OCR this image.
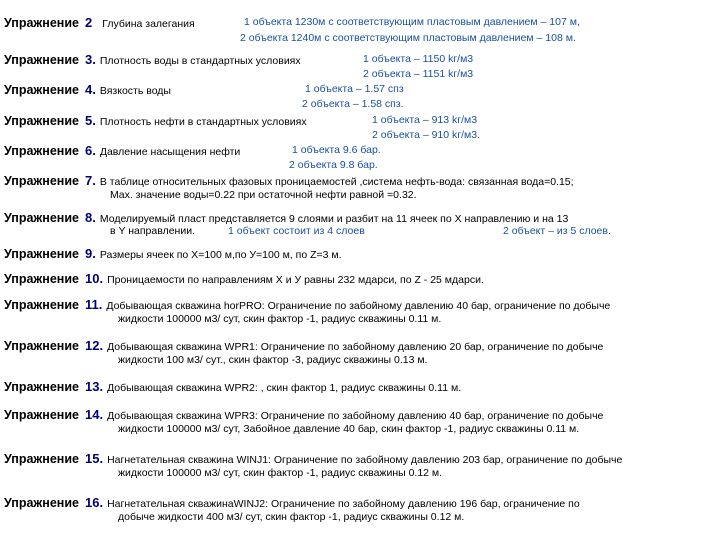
Упражнение 2 Глубина залегания	1 объекта 1230м с соответствующим пластовым давлением – 107 м,
2 объекта 1240м с соответствующим пластовым давлением – 108 м.
Упражнение 3. Плотность воды в стандартных условиях	1 объекта – 1150 kг/м3
2 объекта – 1151 kг/м3
Упражнение 4. Вязкость воды	1 объекта – 1.57 спз
2 объекта – 1.58 спз.
Упражнение 5. Плотность нефти в стандартных условиях	1 объекта – 913 kг/м3
2 объекта – 910 kг/м3.
Упражнение 6. Давление насыщения нефти	1 объекта 9.6 бар.
2 объекта 9.8 бар.
Упражнение 7. В таблице относительных фазовых проницаемостей ,система нефть-вода: связанная вода=0.15;
Max. значение воды=0.22 при остаточной нефти равной =0.32.
Упражнение 8. Моделируемый пласт представляется 9 слоями и разбит на 11 ячеек по X направлению и на 13
в Y направлении.	1 объект состоит из 4 слоев	2 объект – из 5 слоев.
Упражнение 9. Размеры ячеек по X=100 м,по У=100 м, по Z=3 м.
Упражнение 10. Проницаемости по направлениям X и У равны 232 мдарси, по Z - 25 мдарси.
Упражнение 11. Добывающая скважина horPRO: Ограничение по забойному давлению 40 бар, ограничение по добыче
жидкости 100000 м3/ сут, скин фактор -1, радиус скважины 0.11 м.
Упражнение 12. Добывающая скважина WPR1: Ограничение по забойному давлению 20 бар, ограничение по добыче
жидкости 100 м3/ сут., скин фактор -3, радиус скважины 0.13 м.
Упражнение 13. Добывающая скважина WPR2: , скин фактор 1, радиус скважины 0.11 м.
Упражнение 14. Добывающая скважина WPR3: Ограничение по забойному давлению 40 бар, ограничение по добыче
жидкости 100000 м3/ сут, Забойное давление 40 бар, скин фактор -1, радиус скважины 0.11 м.
Упражнение 15. Нагнетательная скважина WINJ1: Ограничение по забойному давлению 203 бар, ограничение по добыче
жидкости 100000 м3/ сут, скин фактор -1, радиус скважины 0.12 м.
Упражнение 16. Нагнетательная скважинаWINJ2: Ограничение по забойному давлению 196 бар, ограничение по
добыче жидкости 400 м3/ сут, скин фактор -1, радиус скважины 0.12 м.
